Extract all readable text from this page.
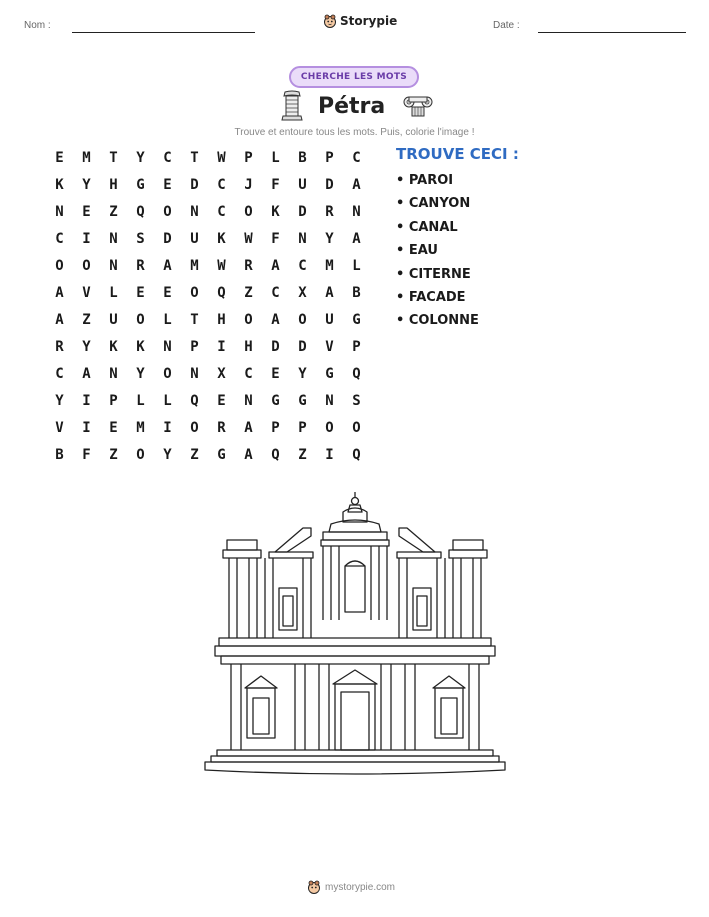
Nom :	Date :
Storypie
CHERCHE LES MOTS
Pétra
Trouve et entoure tous les mots. Puis, colorie l'image !
E	M	T	Y	C	T	W	P	L	B	P	C
K	Y	H	G	E	D	C	J	F	U	D	A
N	E	Z	Q	O	N	C	O	K	D	R	N
C	I	N	S	D	U	K	W	F	N	Y	A
O	O	N	R	A	M	W	R	A	C	M	L
A	V	L	E	E	O	Q	Z	C	X	A	B
A	Z	U	O	L	T	H	O	A	O	U	G
R	Y	K	K	N	P	I	H	D	D	V	P
C	A	N	Y	O	N	X	C	E	Y	G	Q
Y	I	P	L	L	Q	E	N	G	G	N	S
V	I	E	M	I	O	R	A	P	P	O	O
B	F	Z	O	Y	Z	G	A	Q	Z	I	Q
TROUVE CECI :
• PAROI
• CANYON
• CANAL
• EAU
• CITERNE
• FACADE
• COLONNE
mystorypie.com
